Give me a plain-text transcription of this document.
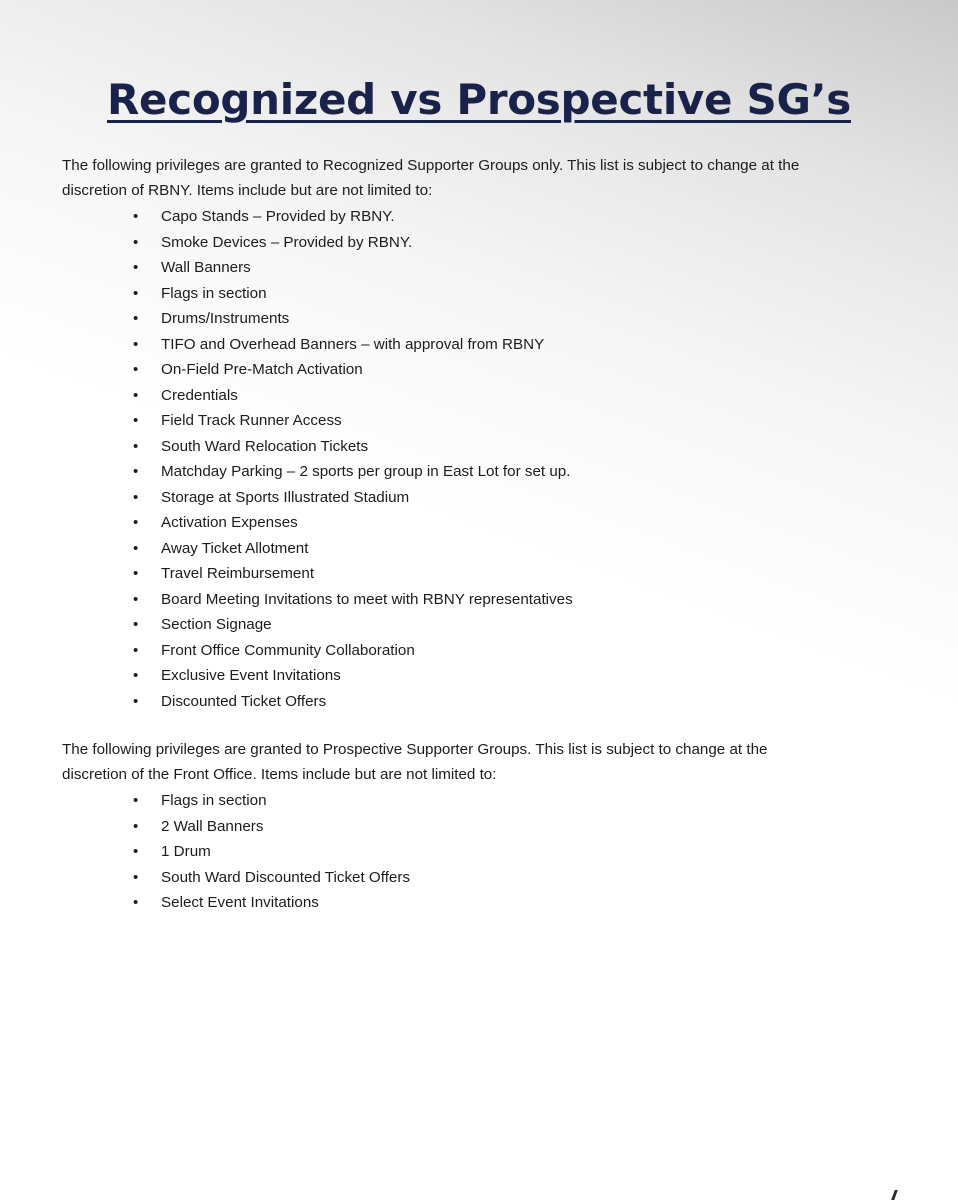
Recognized vs Prospective SG’s

The following privileges are granted to Recognized Supporter Groups only. This list is subject to change at the
discretion of RBNY. Items include but are not limited to:

• Capo Stands – Provided by RBNY.
• Smoke Devices – Provided by RBNY.
• Wall Banners
• Flags in section
• Drums/Instruments
• TIFO and Overhead Banners – with approval from RBNY
• On-Field Pre-Match Activation
• Credentials
• Field Track Runner Access
• South Ward Relocation Tickets
• Matchday Parking – 2 sports per group in East Lot for set up.
• Storage at Sports Illustrated Stadium
• Activation Expenses
• Away Ticket Allotment
• Travel Reimbursement
• Board Meeting Invitations to meet with RBNY representatives
• Section Signage
• Front Office Community Collaboration
• Exclusive Event Invitations
• Discounted Ticket Offers

The following privileges are granted to Prospective Supporter Groups. This list is subject to change at the
discretion of the Front Office. Items include but are not limited to:

• Flags in section
• 2 Wall Banners
• 1 Drum
• South Ward Discounted Ticket Offers
• Select Event Invitations
